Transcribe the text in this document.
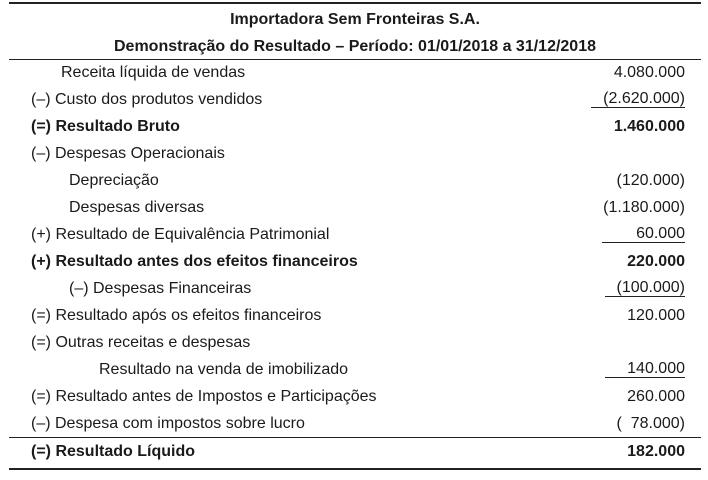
Importadora Sem Fronteiras S.A.
Demonstração do Resultado – Período: 01/01/2018 a 31/12/2018
Receita líquida de vendas	4.080.000
(–) Custo dos produtos vendidos	(2.620.000)
(=) Resultado Bruto	1.460.000
(–) Despesas Operacionais
Depreciação	(120.000)
Despesas diversas	(1.180.000)
(+) Resultado de Equivalência Patrimonial	60.000
(+) Resultado antes dos efeitos financeiros	220.000
(–) Despesas Financeiras	(100.000)
(=) Resultado após os efeitos financeiros	120.000
(=) Outras receitas e despesas
Resultado na venda de imobilizado	140.000
(=) Resultado antes de Impostos e Participações	260.000
(–) Despesa com impostos sobre lucro	(  78.000)
(=) Resultado Líquido	182.000
